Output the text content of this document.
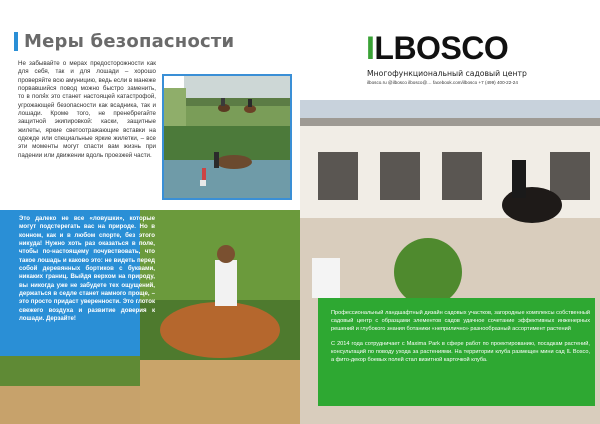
Меры безопасности
Не забывайте о мерах предосторожности как для себя, так и для лошади – хорошо проверяйте всю амуницию, ведь если в манеже порвавшийся повод можно быстро заменить, то в поля́х это станет настоящей катастрофой, угрожающей безопасности как всадника, так и лошади. Кроме того, не пренебрегайте защитной экипировкой: каски, защитные жилеты, яркие светоотражающие вставки на одежде или специальные яркие жилетки, – все эти моменты могут спасти вам жизнь при падении или движении вдоль проезжей части.
Это далеко не все «ловушки», которые могут подстерегать вас на природе. Но в конном, как и в любом спорте, без этого никуда! Нужно хоть раз оказаться в поле, чтобы по-настоящему почувствовать, что такое лошадь и каково это: не видеть перед собой деревянных бортиков с буквами, никаких границ. Выйдя верхом на природу, вы никогда уже не забудете тех ощущений, держаться в седле станет намного проще, – это просто придаст уверенности. Это глоток свежего воздуха и развитие доверия к лошади. Дерзайте!
ILBOSCO
Многофункциональный садовый центр
ilbosco.ru @ilbosco ilbosco@… facebook.com/ilbosco +7 (499) 400-22-24

Профессиональный ландшафтный дизайн садовых участков, загородные комплексы собственный садовый центр с образцами элементов садов удачное сочетание эффективных инженерных решений и глубокого знания ботаники «неприлично» разнообразный ассортимент растений

С 2014 года сотрудничает с Maxima Park в сфере работ по проектированию, посадкам растений, консультаций по поводу ухода за растениями. На территории клуба размещен мини сад IL Bosco, а фито-декор боевых полей стал визитной карточкой клуба.
